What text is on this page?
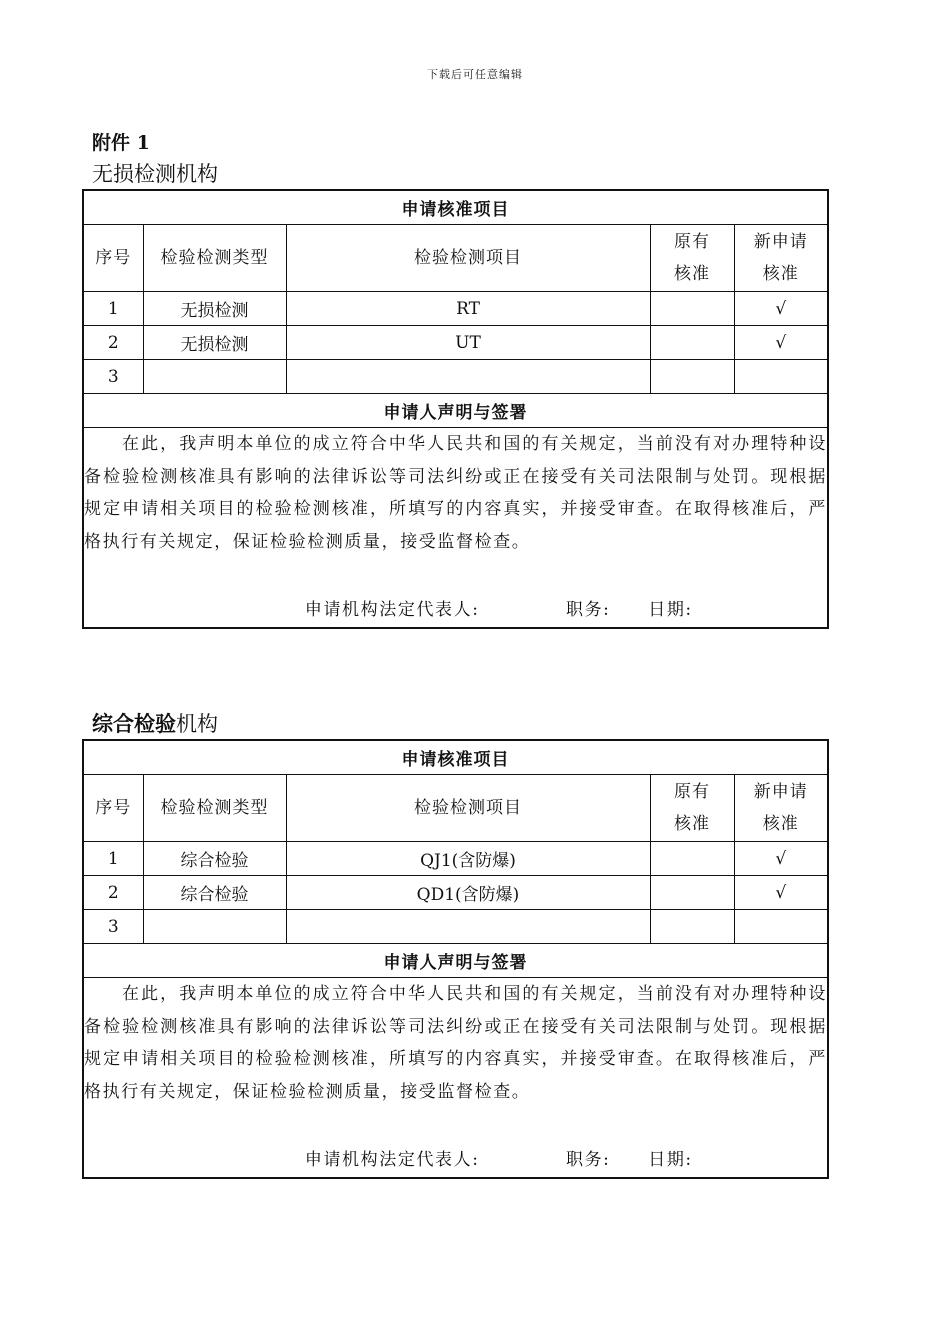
下载后可任意编辑
附件 1
无损检测机构
申请核准项目				
序号	检验检测类型	检验检测项目	原有核准	新申请核准
1	无损检测	RT		√
2	无损检测	UT		√
3				
申请人声明与签署				

在此，我声明本单位的成立符合中华人民共和国的有关规定，当前没有对办理特种设备检验检测核准具有影响的法律诉讼等司法纠纷或正在接受有关司法限制与处罚。现根据规定申请相关项目的检验检测核准，所填写的内容真实，并接受审查。在取得核准后，严格执行有关规定，保证检验检测质量，接受监督检查。
申请机构法定代表人: 职务: 日期:				
综合检验机构
申请核准项目				
序号	检验检测类型	检验检测项目	原有核准	新申请核准
1	综合检验	QJ1(含防爆)		√
2	综合检验	QD1(含防爆)		√
3				
申请人声明与签署				

在此，我声明本单位的成立符合中华人民共和国的有关规定，当前没有对办理特种设备检验检测核准具有影响的法律诉讼等司法纠纷或正在接受有关司法限制与处罚。现根据规定申请相关项目的检验检测核准，所填写的内容真实，并接受审查。在取得核准后，严格执行有关规定，保证检验检测质量，接受监督检查。
申请机构法定代表人: 职务: 日期:				
